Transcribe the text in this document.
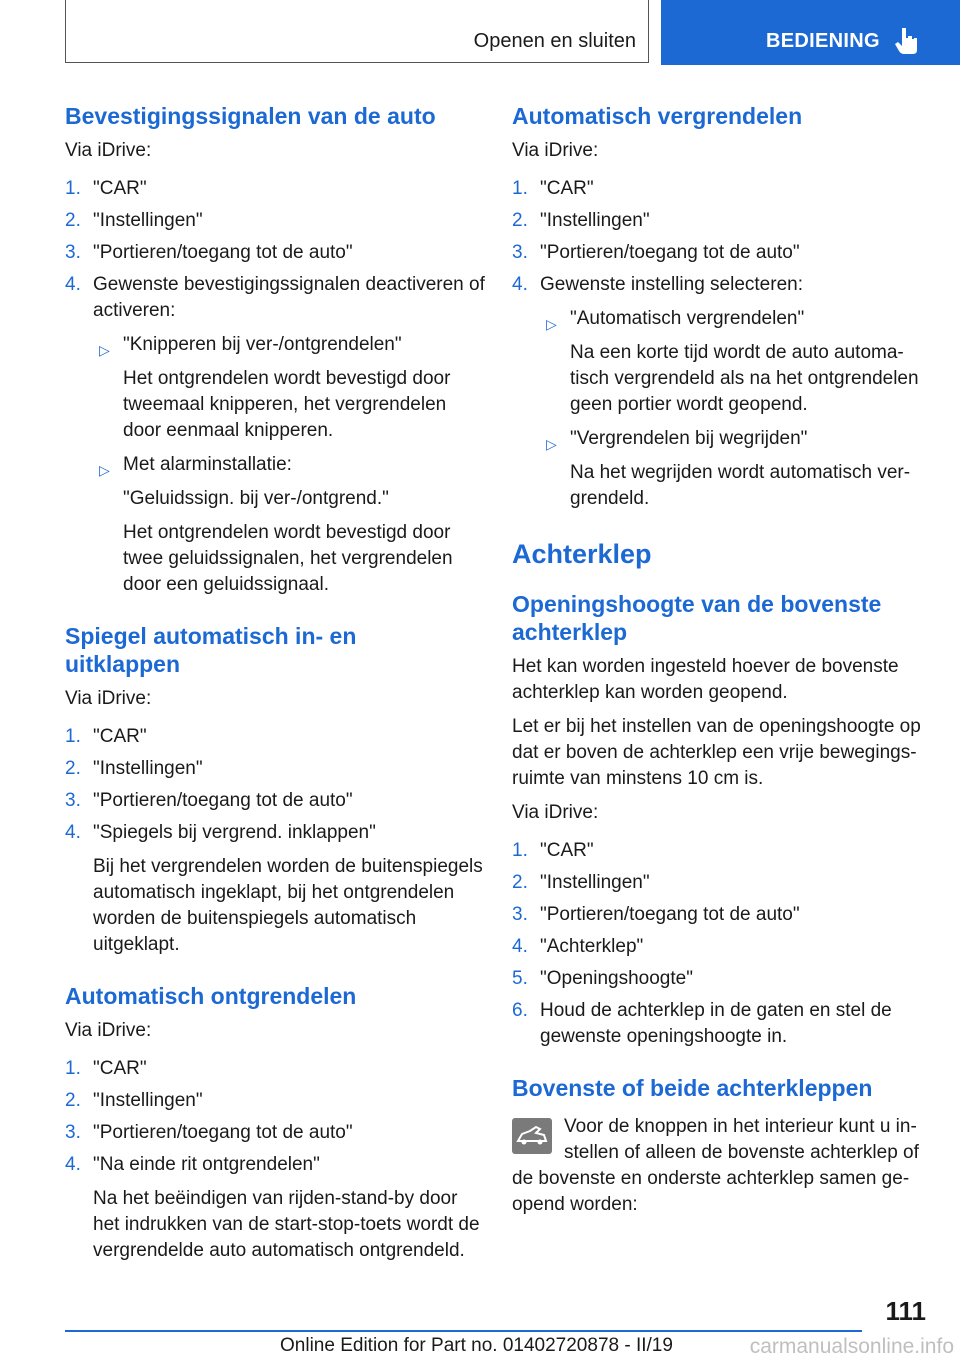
Openen en sluiten	BEDIENING
Bevestigingssignalen van de auto

Via iDrive:

1. "CAR"
2. "Instellingen"
3. "Portieren/toegang tot de auto"
4. Gewenste bevestigingssignalen deactiveren of activeren:
▷ "Knipperen bij ver-/ontgrendelen"

Het ontgrendelen wordt bevestigd door tweemaal knipperen, het vergrendelen door eenmaal knipperen.

▷ Met alarminstallatie:

"Geluidssign. bij ver-/ontgrend."

Het ontgrendelen wordt bevestigd door twee geluidssignalen, het vergrendelen door een geluidssignaal.

Spiegel automatisch in- en uitklappen

Via iDrive:

1. "CAR"
2. "Instellingen"
3. "Portieren/toegang tot de auto"
4. "Spiegels bij vergrend. inklappen"

Bij het vergrendelen worden de buitenspiegels automatisch ingeklapt, bij het ontgrendelen worden de buitenspiegels automatisch uitgeklapt.

Automatisch ontgrendelen

Via iDrive:

1. "CAR"
2. "Instellingen"
3. "Portieren/toegang tot de auto"
4. "Na einde rit ontgrendelen"

Na het beëindigen van rijden-stand-by door het indrukken van de start-stop-toets wordt de vergrendelde auto automatisch ontgrendeld.

Automatisch vergrendelen

Via iDrive:

1. "CAR"
2. "Instellingen"
3. "Portieren/toegang tot de auto"
4. Gewenste instelling selecteren:
▷ "Automatisch vergrendelen"

Na een korte tijd wordt de auto automatisch vergrendeld als na het ontgrendelen geen portier wordt geopend.

▷ "Vergrendelen bij wegrijden"

Na het wegrijden wordt automatisch vergrendeld.

Achterklep
Openingshoogte van de bovenste achterklep

Het kan worden ingesteld hoever de bovenste achterklep kan worden geopend.

Let er bij het instellen van de openingshoogte op dat er boven de achterklep een vrije bewegingsruimte van minstens 10 cm is.

Via iDrive:

1. "CAR"
2. "Instellingen"
3. "Portieren/toegang tot de auto"
4. "Achterklep"
5. "Openingshoogte"
6. Houd de achterklep in de gaten en stel de gewenste openingshoogte in.
Bovenste of beide achterkleppen

Voor de knoppen in het interieur kunt u instellen of alleen de bovenste achterklep of de bovenste en onderste achterklep samen geopend worden:

111
Online Edition for Part no. 01402720878 - II/19	carmanualsonline.info
